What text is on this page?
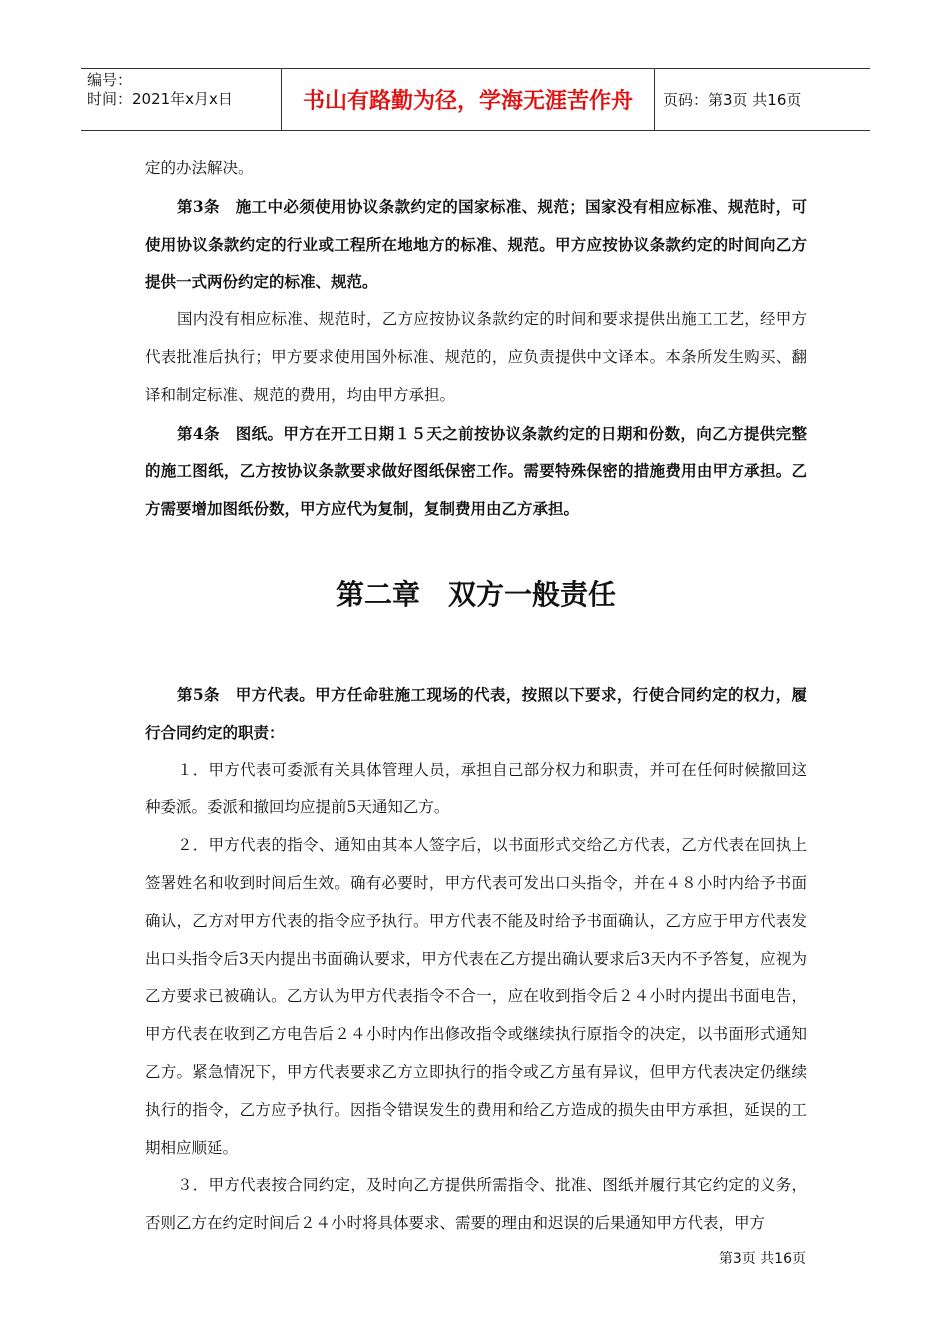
编号：
时间：2021年x月x日	书山有路勤为径，学海无涯苦作舟	页码：第3页 共16页

定的办法解决。

第3条　施工中必须使用协议条款约定的国家标准、规范；国家没有相应标准、规范时，可使用协议条款约定的行业或工程所在地地方的标准、规范。甲方应按协议条款约定的时间向乙方提供一式两份约定的标准、规范。

国内没有相应标准、规范时，乙方应按协议条款约定的时间和要求提供出施工工艺，经甲方代表批准后执行；甲方要求使用国外标准、规范的，应负责提供中文译本。本条所发生购买、翻译和制定标准、规范的费用，均由甲方承担。

第4条　图纸。甲方在开工日期１５天之前按协议条款约定的日期和份数，向乙方提供完整的施工图纸，乙方按协议条款要求做好图纸保密工作。需要特殊保密的措施费用由甲方承担。乙方需要增加图纸份数，甲方应代为复制，复制费用由乙方承担。

第二章　双方一般责任

第5条　甲方代表。甲方任命驻施工现场的代表，按照以下要求，行使合同约定的权力，履行合同约定的职责：

１．甲方代表可委派有关具体管理人员，承担自己部分权力和职责，并可在任何时候撤回这种委派。委派和撤回均应提前5天通知乙方。

２．甲方代表的指令、通知由其本人签字后，以书面形式交给乙方代表，乙方代表在回执上签署姓名和收到时间后生效。确有必要时，甲方代表可发出口头指令，并在４８小时内给予书面确认，乙方对甲方代表的指令应予执行。甲方代表不能及时给予书面确认，乙方应于甲方代表发出口头指令后3天内提出书面确认要求，甲方代表在乙方提出确认要求后3天内不予答复，应视为乙方要求已被确认。乙方认为甲方代表指令不合一，应在收到指令后２４小时内提出书面电告，甲方代表在收到乙方电告后２４小时内作出修改指令或继续执行原指令的决定，以书面形式通知乙方。紧急情况下，甲方代表要求乙方立即执行的指令或乙方虽有异议，但甲方代表决定仍继续执行的指令，乙方应予执行。因指令错误发生的费用和给乙方造成的损失由甲方承担，延误的工期相应顺延。

３．甲方代表按合同约定，及时向乙方提供所需指令、批准、图纸并履行其它约定的义务，否则乙方在约定时间后２４小时将具体要求、需要的理由和迟误的后果通知甲方代表，甲方

第3页 共16页
